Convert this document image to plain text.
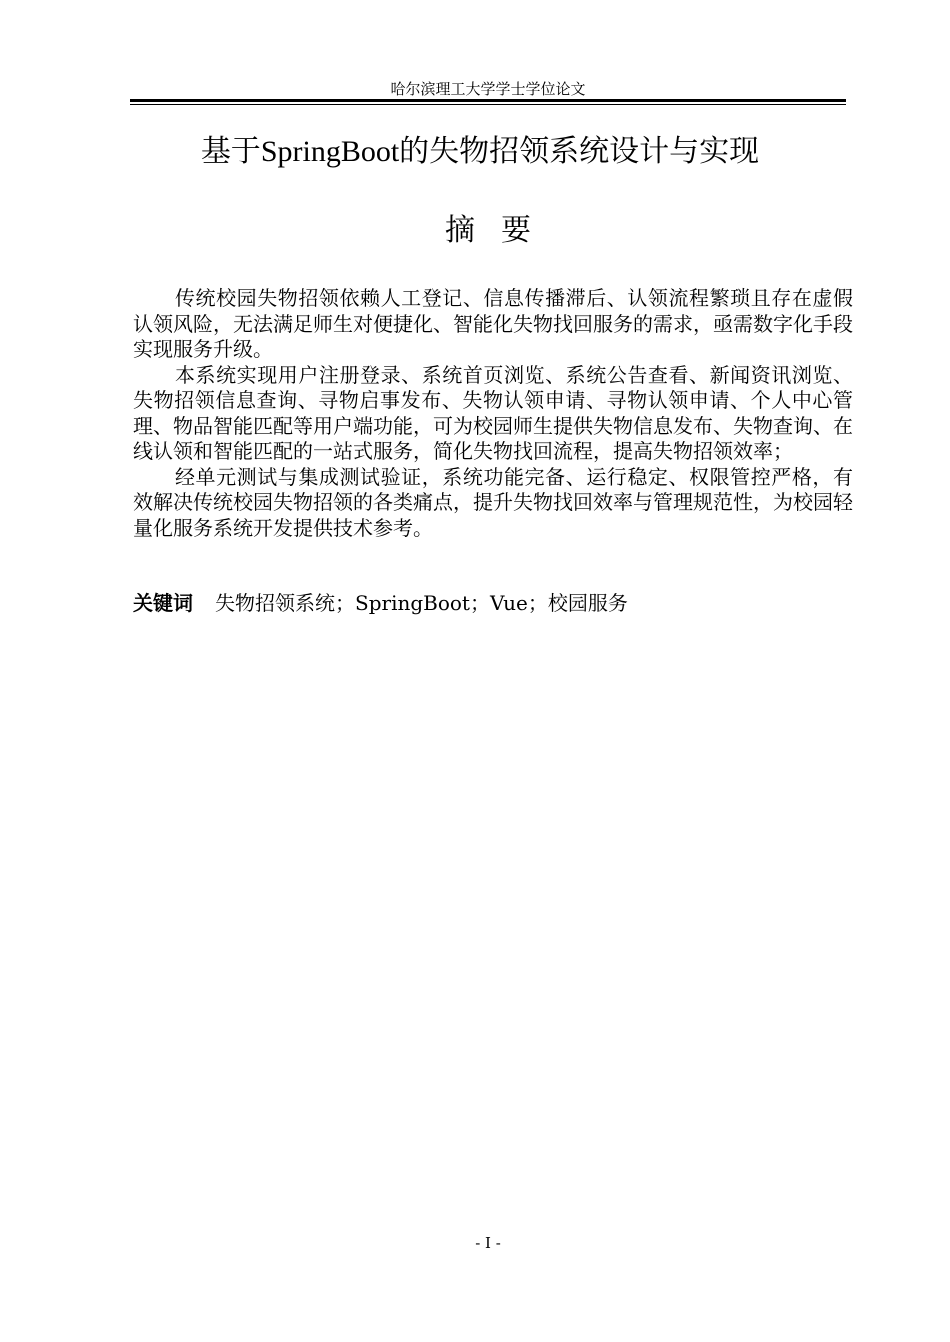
哈尔滨理工大学学士学位论文
基于SpringBoot的失物招领系统设计与实现
摘要

传统校园失物招领依赖人工登记、信息传播滞后、认领流程繁琐且存在虚假认领风险，无法满足师生对便捷化、智能化失物找回服务的需求，亟需数字化手段实现服务升级。

本系统实现用户注册登录、系统首页浏览、系统公告查看、新闻资讯浏览、失物招领信息查询、寻物启事发布、失物认领申请、寻物认领申请、个人中心管理、物品智能匹配等用户端功能，可为校园师生提供失物信息发布、失物查询、在线认领和智能匹配的一站式服务，简化失物找回流程，提高失物招领效率；

经单元测试与集成测试验证，系统功能完备、运行稳定、权限管控严格，有效解决传统校园失物招领的各类痛点，提升失物找回效率与管理规范性，为校园轻量化服务系统开发提供技术参考。

关键词 失物招领系统；SpringBoot；Vue；校园服务
- I -
